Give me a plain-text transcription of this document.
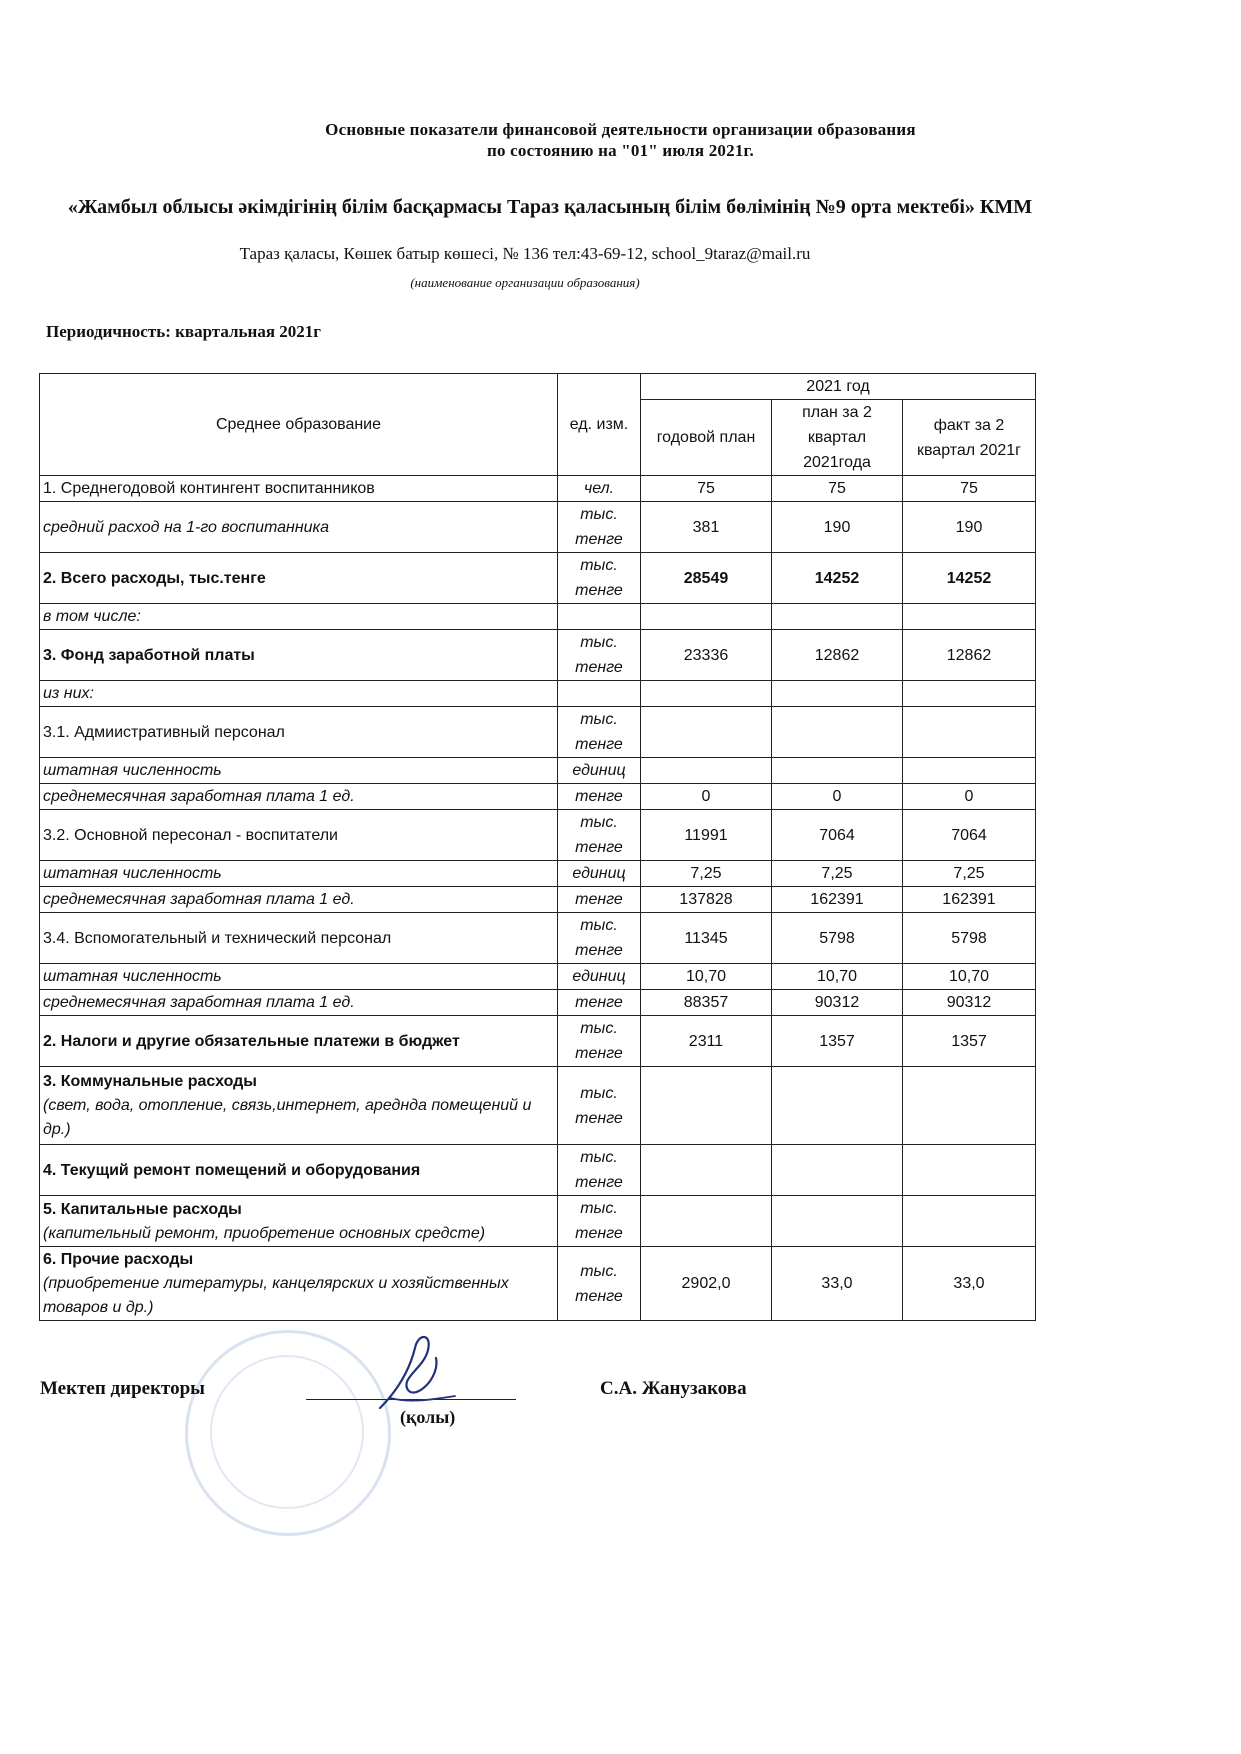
Основные показатели финансовой деятельности организации образования
по состоянию на "01" июля 2021г.
«Жамбыл облысы әкімдігінің білім басқармасы Тараз қаласының білім бөлімінің №9 орта мектебі» КММ
Тараз қаласы, Көшек батыр көшесі, № 136 тел:43-69-12, school_9taraz@mail.ru
(наименование организации образования)
Периодичность: квартальная 2021г
Среднее образование	ед. изм.	2021 год		
		годовой план	план за 2 квартал 2021года	факт за 2 квартал 2021г
1. Среднегодовой контингент воспитанников	чел.	75	75	75
средний расход на 1-го воспитанника	тыс. тенге	381	190	190
2. Всего расходы, тыс.тенге	тыс. тенге	28549	14252	14252
в том числе:				
3. Фонд заработной платы	тыс. тенге	23336	12862	12862
из них:				
3.1. Адмиистративный персонал	тыс. тенге			
штатная численность	единиц			
среднемесячная заработная плата 1 ед.	тенге	0	0	0
3.2. Основной пересонал - воспитатели	тыс. тенге	11991	7064	7064
штатная численность	единиц	7,25	7,25	7,25
среднемесячная заработная плата 1 ед.	тенге	137828	162391	162391
3.4. Вспомогательный и технический персонал	тыс. тенге	11345	5798	5798
штатная численность	единиц	10,70	10,70	10,70
среднемесячная заработная плата 1 ед.	тенге	88357	90312	90312
2. Налоги и другие обязательные платежи в бюджет	тыс. тенге	2311	1357	1357
3. Коммунальные расходы
(свет, вода, отопление, связь,интернет, аредндa помещений и др.)	тыс. тенге			
4. Текущий ремонт помещений и оборудования	тыс. тенге			
5. Капитальные расходы
(капительный ремонт, приобретение основных средсте)	тыс. тенге			
6. Прочие расходы
(приобретение литературы, канцелярских и хозяйственных товаров и др.)	тыс. тенге	2902,0	33,0	33,0
Мектеп директоры
(қолы)
С.А. Жанузакова
